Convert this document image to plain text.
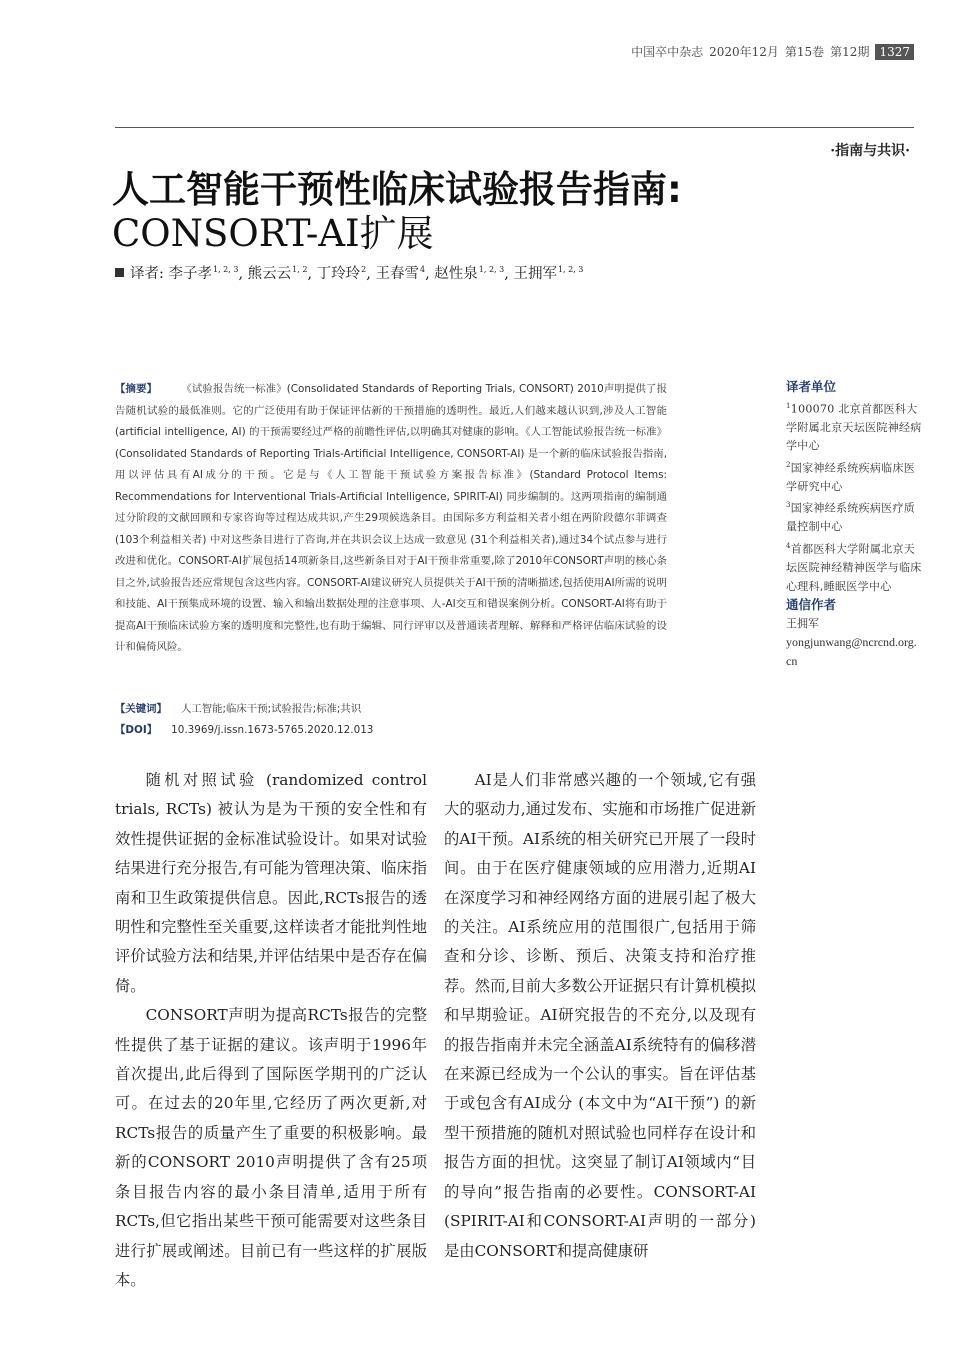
中国卒中杂志 2020年12月 第15卷 第12期 1327
·指南与共识·
人工智能干预性临床试验报告指南:
CONSORT-AI扩展
译者: 李子孝$^{1, 2, 3}$, 熊云云$^{1, 2}$, 丁玲玲$^2$, 王春雪$^4$, 赵性泉$^{1, 2, 3}$, 王拥军$^{1, 2, 3}$
【摘要】 《试验报告统一标准》(Consolidated Standards of Reporting Trials, CONSORT) 2010声明提供了报告随机试验的最低准则。它的广泛使用有助于保证评估新的干预措施的透明性。最近,人们越来越认识到,涉及人工智能 (artificial intelligence, AI) 的干预需要经过严格的前瞻性评估,以明确其对健康的影响。《人工智能试验报告统一标准》(Consolidated Standards of Reporting Trials-Artificial Intelligence, CONSORT-AI) 是一个新的临床试验报告指南,用以评估具有AI成分的干预。它是与《人工智能干预试验方案报告标准》(Standard Protocol Items: Recommendations for Interventional Trials-Artificial Intelligence, SPIRIT-AI) 同步编制的。这两项指南的编制通过分阶段的文献回顾和专家咨询等过程达成共识,产生29项候选条目。由国际多方利益相关者小组在两阶段德尔菲调查 (103个利益相关者) 中对这些条目进行了咨询,并在共识会议上达成一致意见 (31个利益相关者),通过34个试点参与进行改进和优化。CONSORT-AI扩展包括14项新条目,这些新条目对于AI干预非常重要,除了2010年CONSORT声明的核心条目之外,试验报告还应常规包含这些内容。CONSORT-AI建议研究人员提供关于AI干预的清晰描述,包括使用AI所需的说明和技能、AI干预集成环境的设置、输入和输出数据处理的注意事项、人-AI交互和错误案例分析。CONSORT-AI将有助于提高AI干预临床试验方案的透明度和完整性,也有助于编辑、同行评审以及普通读者理解、解释和严格评估临床试验的设计和偏倚风险。
【关键词】 人工智能;临床干预;试验报告;标准;共识
【DOI】 10.3969/j.issn.1673-5765.2020.12.013
译者单位
$^1$100070 北京首都医科大学附属北京天坛医院神经病学中心
$^2$国家神经系统疾病临床医学研究中心
$^3$国家神经系统疾病医疗质量控制中心
$^4$首都医科大学附属北京天坛医院神经精神医学与临床心理科,睡眠医学中心
通信作者
王拥军
yongjunwang@ncrcnd.org.cn

随机对照试验 (randomized control trials, RCTs) 被认为是为干预的安全性和有效性提供证据的金标准试验设计。如果对试验结果进行充分报告,有可能为管理决策、临床指南和卫生政策提供信息。因此,RCTs报告的透明性和完整性至关重要,这样读者才能批判性地评价试验方法和结果,并评估结果中是否存在偏倚。

CONSORT声明为提高RCTs报告的完整性提供了基于证据的建议。该声明于1996年首次提出,此后得到了国际医学期刊的广泛认可。在过去的20年里,它经历了两次更新,对RCTs报告的质量产生了重要的积极影响。最新的CONSORT 2010声明提供了含有25项条目报告内容的最小条目清单,适用于所有RCTs,但它指出某些干预可能需要对这些条目进行扩展或阐述。目前已有一些这样的扩展版本。

AI是人们非常感兴趣的一个领域,它有强大的驱动力,通过发布、实施和市场推广促进新的AI干预。AI系统的相关研究已开展了一段时间。由于在医疗健康领域的应用潜力,近期AI在深度学习和神经网络方面的进展引起了极大的关注。AI系统应用的范围很广,包括用于筛查和分诊、诊断、预后、决策支持和治疗推荐。然而,目前大多数公开证据只有计算机模拟和早期验证。AI研究报告的不充分,以及现有的报告指南并未完全涵盖AI系统特有的偏移潜在来源已经成为一个公认的事实。旨在评估基于或包含有AI成分 (本文中为“AI干预”) 的新型干预措施的随机对照试验也同样存在设计和报告方面的担忧。这突显了制订AI领域内“目的导向”报告指南的必要性。CONSORT-AI (SPIRIT-AI和CONSORT-AI声明的一部分) 是由CONSORT和提高健康研
